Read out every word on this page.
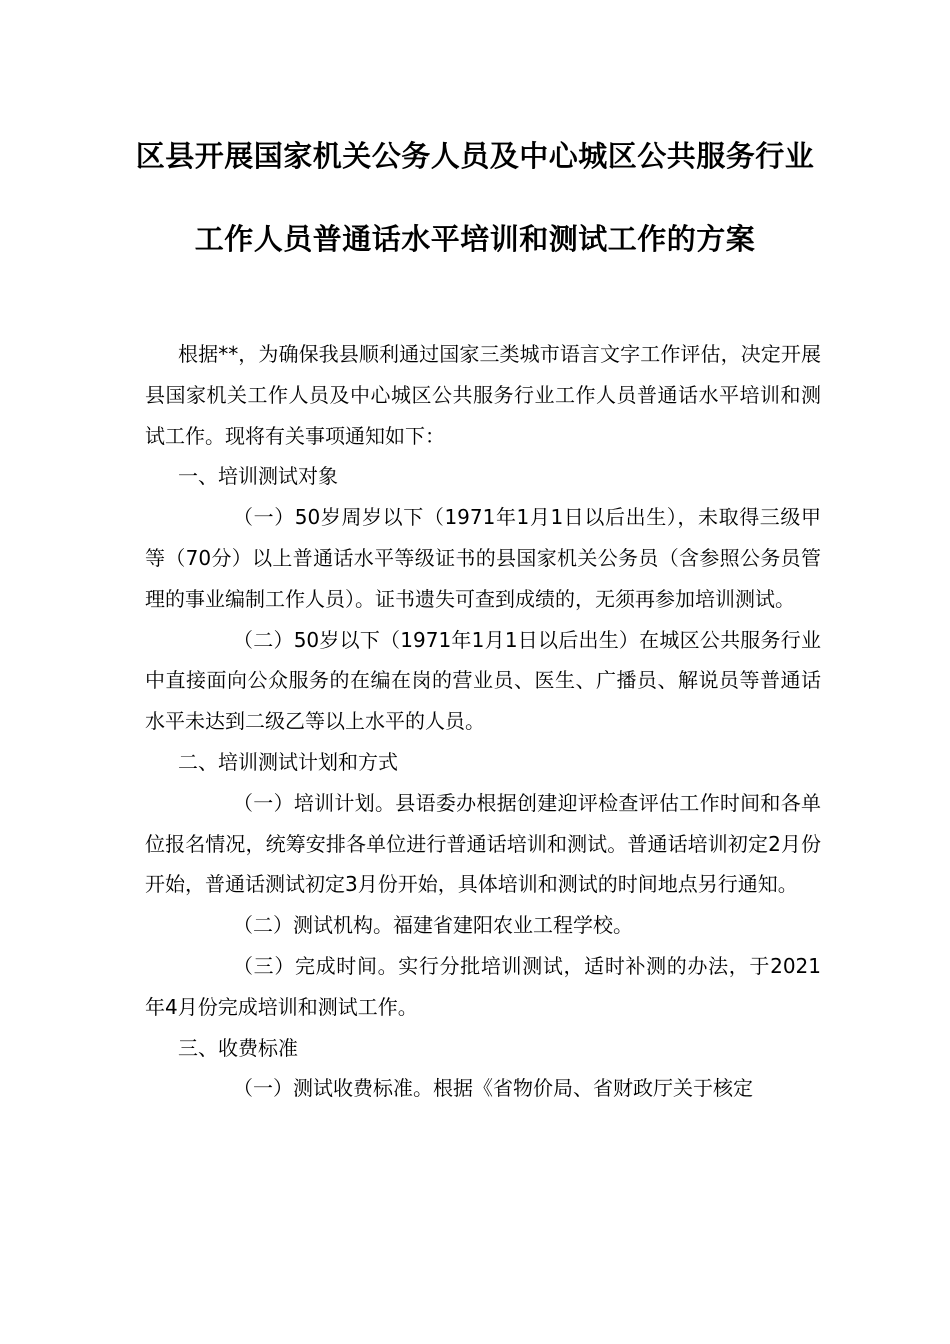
区县开展国家机关公务人员及中心城区公共服务行业
工作人员普通话水平培训和测试工作的方案

根据**，为确保我县顺利通过国家三类城市语言文字工作评估，决定开展县国家机关工作人员及中心城区公共服务行业工作人员普通话水平培训和测试工作。现将有关事项通知如下：

一、培训测试对象

（一）50岁周岁以下（1971年1月1日以后出生），未取得三级甲等（70分）以上普通话水平等级证书的县国家机关公务员（含参照公务员管理的事业编制工作人员）。证书遗失可查到成绩的，无须再参加培训测试。

（二）50岁以下（1971年1月1日以后出生）在城区公共服务行业中直接面向公众服务的在编在岗的营业员、医生、广播员、解说员等普通话水平未达到二级乙等以上水平的人员。

二、培训测试计划和方式

（一）培训计划。县语委办根据创建迎评检查评估工作时间和各单位报名情况，统筹安排各单位进行普通话培训和测试。普通话培训初定2月份开始，普通话测试初定3月份开始，具体培训和测试的时间地点另行通知。

（二）测试机构。福建省建阳农业工程学校。

（三）完成时间。实行分批培训测试，适时补测的办法，于2021年4月份完成培训和测试工作。

三、收费标准

（一）测试收费标准。根据《省物价局、省财政厅关于核定
